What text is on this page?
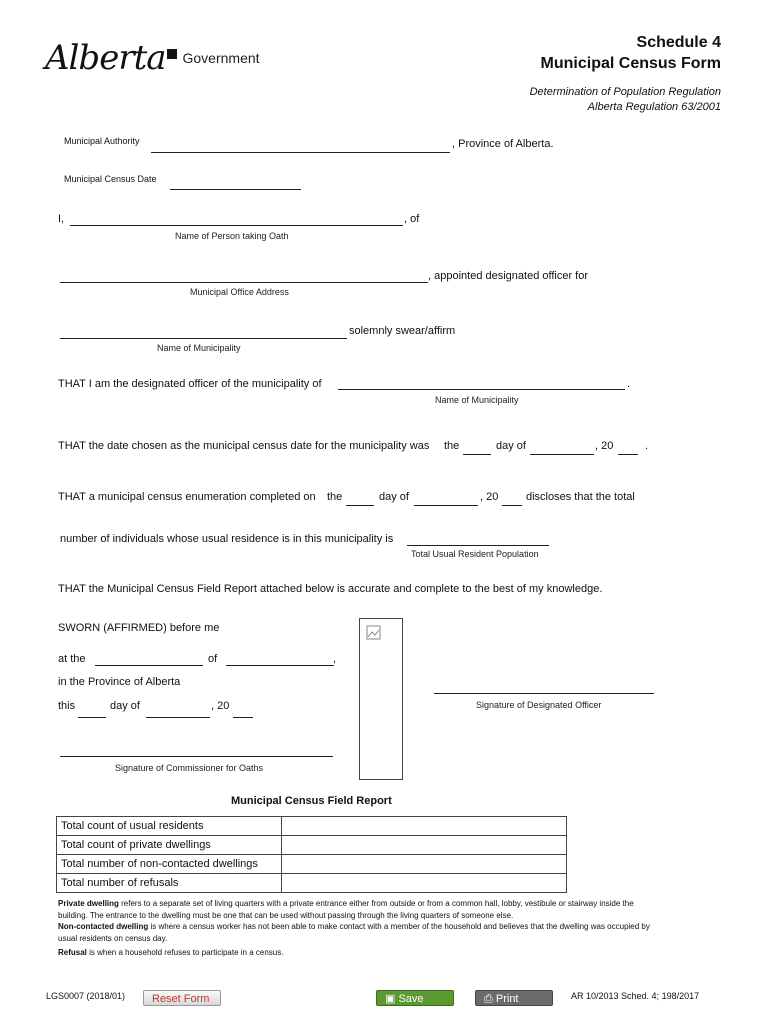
Alberta Government
Schedule 4
Municipal Census Form
Determination of Population Regulation
Alberta Regulation 63/2001
Municipal Authority	, Province of Alberta.
Municipal Census Date
I,	, of
Name of Person taking Oath
, appointed designated officer for
Municipal Office Address
solemnly swear/affirm
Name of Municipality
THAT I am the designated officer of the municipality of	.
Name of Municipality
THAT the date chosen as the municipal census date for the municipality was the	day of	, 20	.
THAT a municipal census enumeration completed on the	day of	, 20	discloses that the total
number of individuals whose usual residence is in this municipality is
Total Usual Resident Population
THAT the Municipal Census Field Report attached below is accurate and complete to the best of my knowledge.
SWORN (AFFIRMED) before me
at the	of	,
in the Province of Alberta
this	day of	, 20	Signature of Designated Officer
Signature of Commissioner for Oaths
Municipal Census Field Report
Total count of usual residents	
Total count of private dwellings	
Total number of non-contacted dwellings	
Total number of refusals	
Private dwelling refers to a separate set of living quarters with a private entrance either from outside or from a common hall, lobby, vestibule or stairway inside the building. The entrance to the dwelling must be one that can be used without passing through the living quarters of someone else.
Non-contacted dwelling is where a census worker has not been able to make contact with a member of the household and believes that the dwelling was occupied by usual residents on census day.
Refusal is when a household refuses to participate in a census.
LGS0007 (2018/01)	Reset Form	▣ Save Form
⎙ Print Form
AR 10/2013 Sched. 4; 198/2017
